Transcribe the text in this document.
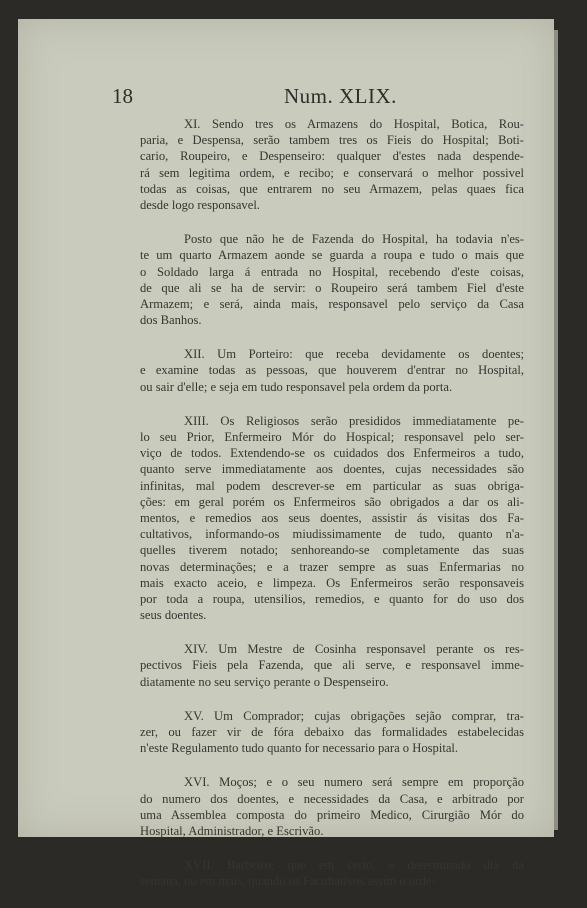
18	Num. XLIX.
XI. Sendo tres os Armazens do Hospital, Botica, Rou-
paria, e Despensa, serão tambem tres os Fieis do Hospital; Boti-
cario, Roupeiro, e Despenseiro: qualquer d'estes nada despende-
rá sem legitima ordem, e recibo; e conservará o melhor possivel
todas as coisas, que entrarem no seu Armazem, pelas quaes fica
desde logo responsavel.
Posto que não he de Fazenda do Hospital, ha todavia n'es-
te um quarto Armazem aonde se guarda a roupa e tudo o mais que
o Soldado larga á entrada no Hospital, recebendo d'este coisas,
de que ali se ha de servir: o Roupeiro será tambem Fiel d'este
Armazem; e será, ainda mais, responsavel pelo serviço da Casa
dos Banhos.
XII. Um Porteiro: que receba devidamente os doentes;
e examine todas as pessoas, que houverem d'entrar no Hospital,
ou sair d'elle; e seja em tudo responsavel pela ordem da porta.
XIII. Os Religiosos serão presididos immediatamente pe-
lo seu Prior, Enfermeiro Mór do Hospical; responsavel pelo ser-
viço de todos. Extendendo-se os cuidados dos Enfermeiros a tudo,
quanto serve immediatamente aos doentes, cujas necessidades são
infinitas, mal podem descrever-se em particular as suas obriga-
ções: em geral porém os Enfermeiros são obrigados a dar os ali-
mentos, e remedios aos seus doentes, assistir ás visitas dos Fa-
cultativos, informando-os miudissimamente de tudo, quanto n'a-
quelles tiverem notado; senhoreando-se completamente das suas
novas determinações; e a trazer sempre as suas Enfermarias no
mais exacto aceio, e limpeza. Os Enfermeiros serão responsaveis
por toda a roupa, utensilios, remedios, e quanto for do uso dos
seus doentes.
XIV. Um Mestre de Cosinha responsavel perante os res-
pectivos Fieis pela Fazenda, que ali serve, e responsavel imme-
diatamente no seu serviço perante o Despenseiro.
XV. Um Comprador; cujas obrigações sejão comprar, tra-
zer, ou fazer vir de fóra debaixo das formalidades estabelecidas
n'este Regulamento tudo quanto for necessario para o Hospital.
XVI. Moços; e o seu numero será sempre em proporção
do numero dos doentes, e necessidades da Casa, e arbitrado por
uma Assemblea composta do primeiro Medico, Cirurgião Mór do
Hospital, Administrador, e Escrivão.
XVII. Barbeiro; que em certo, e determinado dia da
semana, ou em mais, quando os Facultativos assim o orde-
